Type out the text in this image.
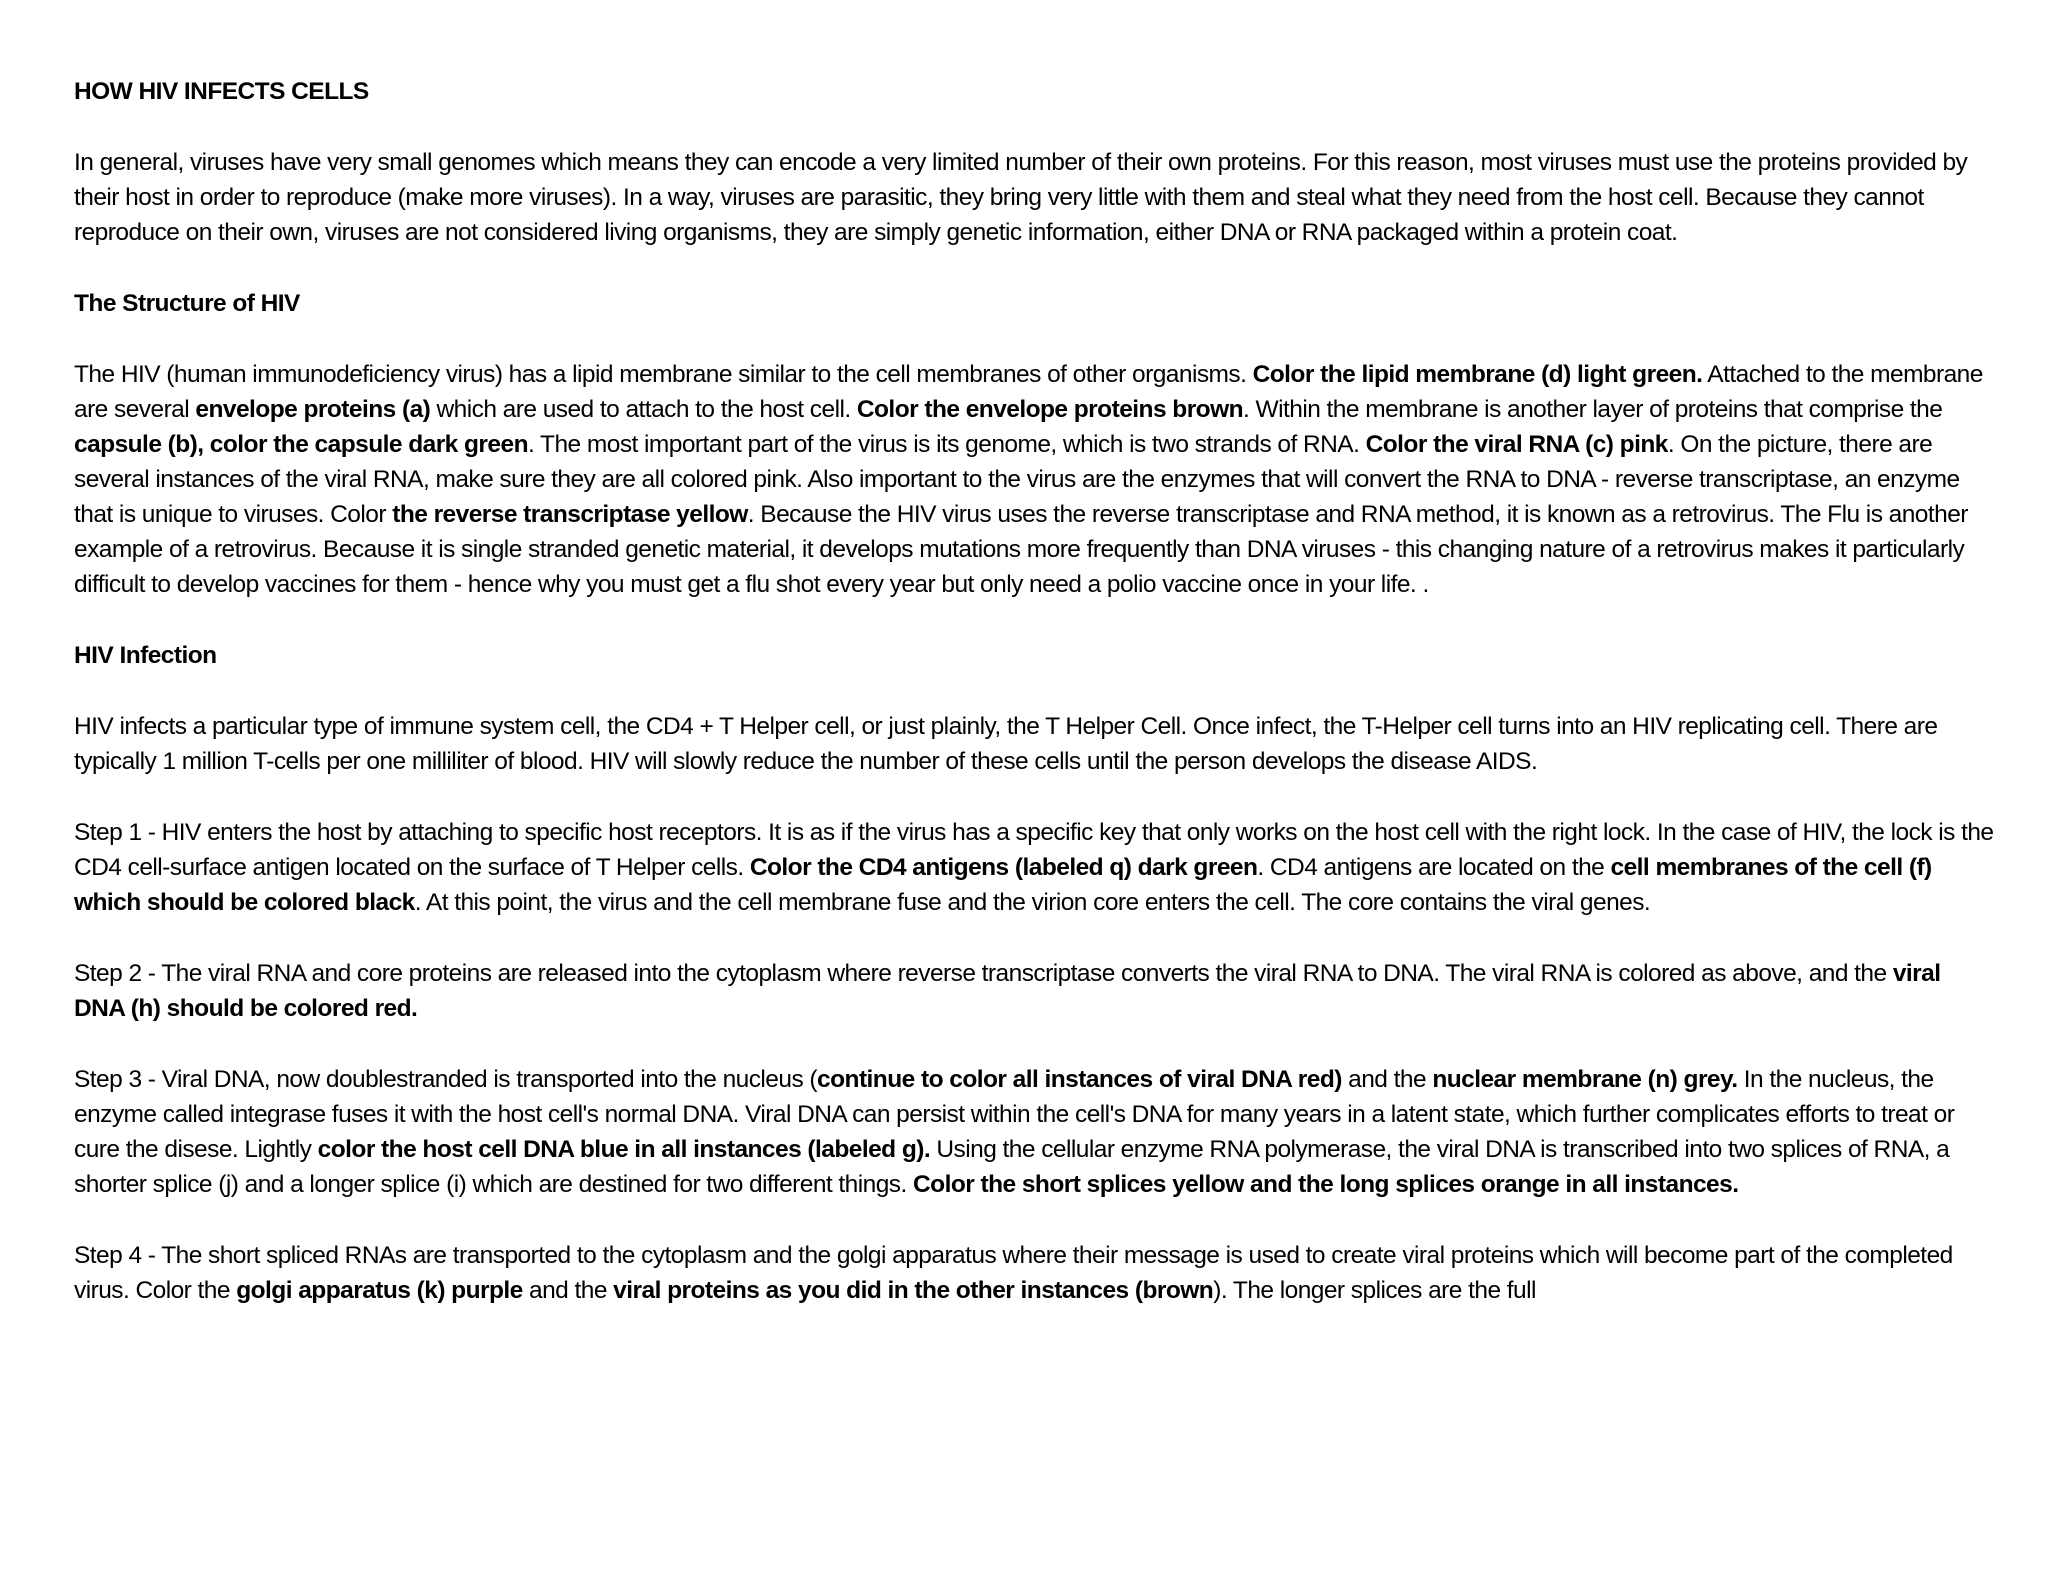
HOW HIV INFECTS CELLS
In general, viruses have very small genomes which means they can encode a very limited number of their own proteins. For this reason, most viruses must use the proteins provided by their host in order to reproduce (make more viruses). In a way, viruses are parasitic, they bring very little with them and steal what they need from the host cell. Because they cannot reproduce on their own, viruses are not considered living organisms, they are simply genetic information, either DNA or RNA packaged within a protein coat.
The Structure of HIV
The HIV (human immunodeficiency virus) has a lipid membrane similar to the cell membranes of other organisms. Color the lipid membrane (d) light green. Attached to the membrane are several envelope proteins (a) which are used to attach to the host cell. Color the envelope proteins brown. Within the membrane is another layer of proteins that comprise the capsule (b), color the capsule dark green. The most important part of the virus is its genome, which is two strands of RNA. Color the viral RNA (c) pink. On the picture, there are several instances of the viral RNA, make sure they are all colored pink. Also important to the virus are the enzymes that will convert the RNA to DNA - reverse transcriptase, an enzyme that is unique to viruses. Color the reverse transcriptase yellow. Because the HIV virus uses the reverse transcriptase and RNA method, it is known as a retrovirus. The Flu is another example of a retrovirus. Because it is single stranded genetic material, it develops mutations more frequently than DNA viruses - this changing nature of a retrovirus makes it particularly difficult to develop vaccines for them - hence why you must get a flu shot every year but only need a polio vaccine once in your life. .
HIV Infection
HIV infects a particular type of immune system cell, the CD4 + T Helper cell, or just plainly, the T Helper Cell. Once infect, the T-Helper cell turns into an HIV replicating cell. There are typically 1 million T-cells per one milliliter of blood. HIV will slowly reduce the number of these cells until the person develops the disease AIDS.
Step 1 - HIV enters the host by attaching to specific host receptors. It is as if the virus has a specific key that only works on the host cell with the right lock. In the case of HIV, the lock is the CD4 cell-surface antigen located on the surface of T Helper cells. Color the CD4 antigens (labeled q) dark green. CD4 antigens are located on the cell membranes of the cell (f) which should be colored black. At this point, the virus and the cell membrane fuse and the virion core enters the cell. The core contains the viral genes.
Step 2 - The viral RNA and core proteins are released into the cytoplasm where reverse transcriptase converts the viral RNA to DNA. The viral RNA is colored as above, and the viral DNA (h) should be colored red.
Step 3 - Viral DNA, now doublestranded is transported into the nucleus (continue to color all instances of viral DNA red) and the nuclear membrane (n) grey. In the nucleus, the enzyme called integrase fuses it with the host cell's normal DNA. Viral DNA can persist within the cell's DNA for many years in a latent state, which further complicates efforts to treat or cure the disese. Lightly color the host cell DNA blue in all instances (labeled g). Using the cellular enzyme RNA polymerase, the viral DNA is transcribed into two splices of RNA, a shorter splice (j) and a longer splice (i) which are destined for two different things. Color the short splices yellow and the long splices orange in all instances.
Step 4 - The short spliced RNAs are transported to the cytoplasm and the golgi apparatus where their message is used to create viral proteins which will become part of the completed virus. Color the golgi apparatus (k) purple and the viral proteins as you did in the other instances (brown). The longer splices are the full
